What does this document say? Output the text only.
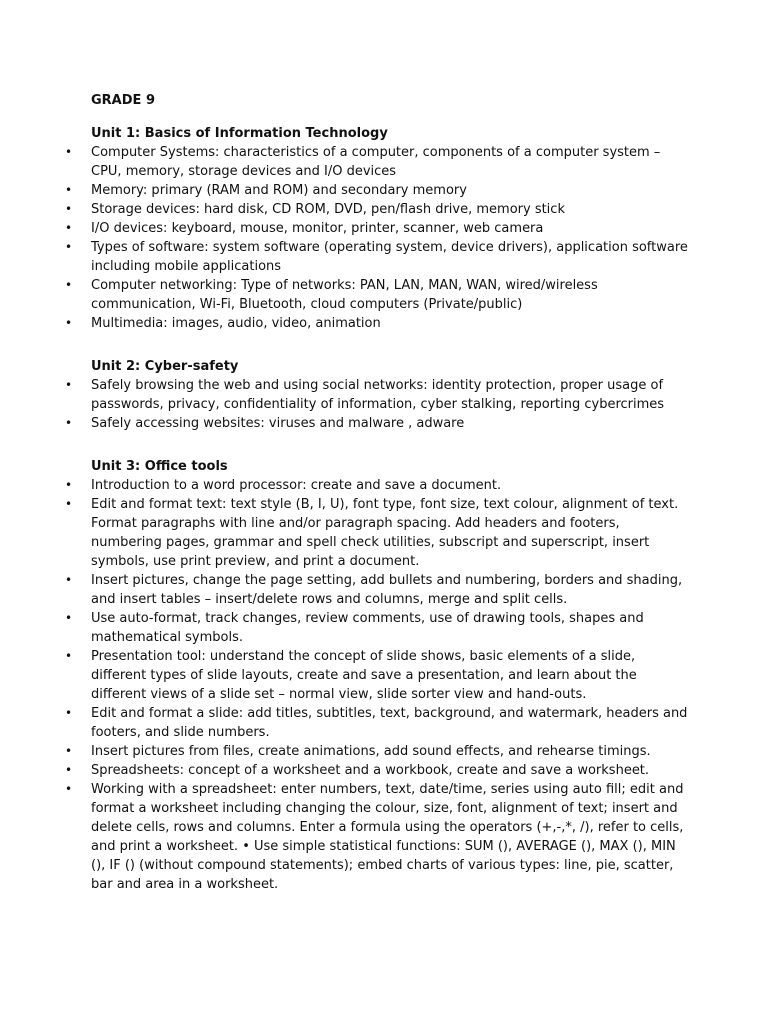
GRADE 9
Unit 1: Basics of Information Technology
• Computer Systems: characteristics of a computer, components of a computer system – CPU, memory, storage devices and I/O devices
• Memory: primary (RAM and ROM) and secondary memory
• Storage devices: hard disk, CD ROM, DVD, pen/flash drive, memory stick
• I/O devices: keyboard, mouse, monitor, printer, scanner, web camera
• Types of software: system software (operating system, device drivers), application software including mobile applications
• Computer networking: Type of networks: PAN, LAN, MAN, WAN, wired/wireless communication, Wi-Fi, Bluetooth, cloud computers (Private/public)
• Multimedia: images, audio, video, animation
Unit 2: Cyber-safety
• Safely browsing the web and using social networks: identity protection, proper usage of passwords, privacy, confidentiality of information, cyber stalking, reporting cybercrimes
• Safely accessing websites: viruses and malware , adware
Unit 3: Office tools
• Introduction to a word processor: create and save a document.
• Edit and format text: text style (B, I, U), font type, font size, text colour, alignment of text. Format paragraphs with line and/or paragraph spacing. Add headers and footers, numbering pages, grammar and spell check utilities, subscript and superscript, insert symbols, use print preview, and print a document.
• Insert pictures, change the page setting, add bullets and numbering, borders and shading, and insert tables – insert/delete rows and columns, merge and split cells.
• Use auto-format, track changes, review comments, use of drawing tools, shapes and mathematical symbols.
• Presentation tool: understand the concept of slide shows, basic elements of a slide, different types of slide layouts, create and save a presentation, and learn about the different views of a slide set – normal view, slide sorter view and hand-outs.
• Edit and format a slide: add titles, subtitles, text, background, and watermark, headers and footers, and slide numbers.
• Insert pictures from files, create animations, add sound effects, and rehearse timings.
• Spreadsheets: concept of a worksheet and a workbook, create and save a worksheet.
• Working with a spreadsheet: enter numbers, text, date/time, series using auto fill; edit and format a worksheet including changing the colour, size, font, alignment of text; insert and delete cells, rows and columns. Enter a formula using the operators (+,-,*, /), refer to cells, and print a worksheet. • Use simple statistical functions: SUM (), AVERAGE (), MAX (), MIN (), IF () (without compound statements); embed charts of various types: line, pie, scatter, bar and area in a worksheet.
